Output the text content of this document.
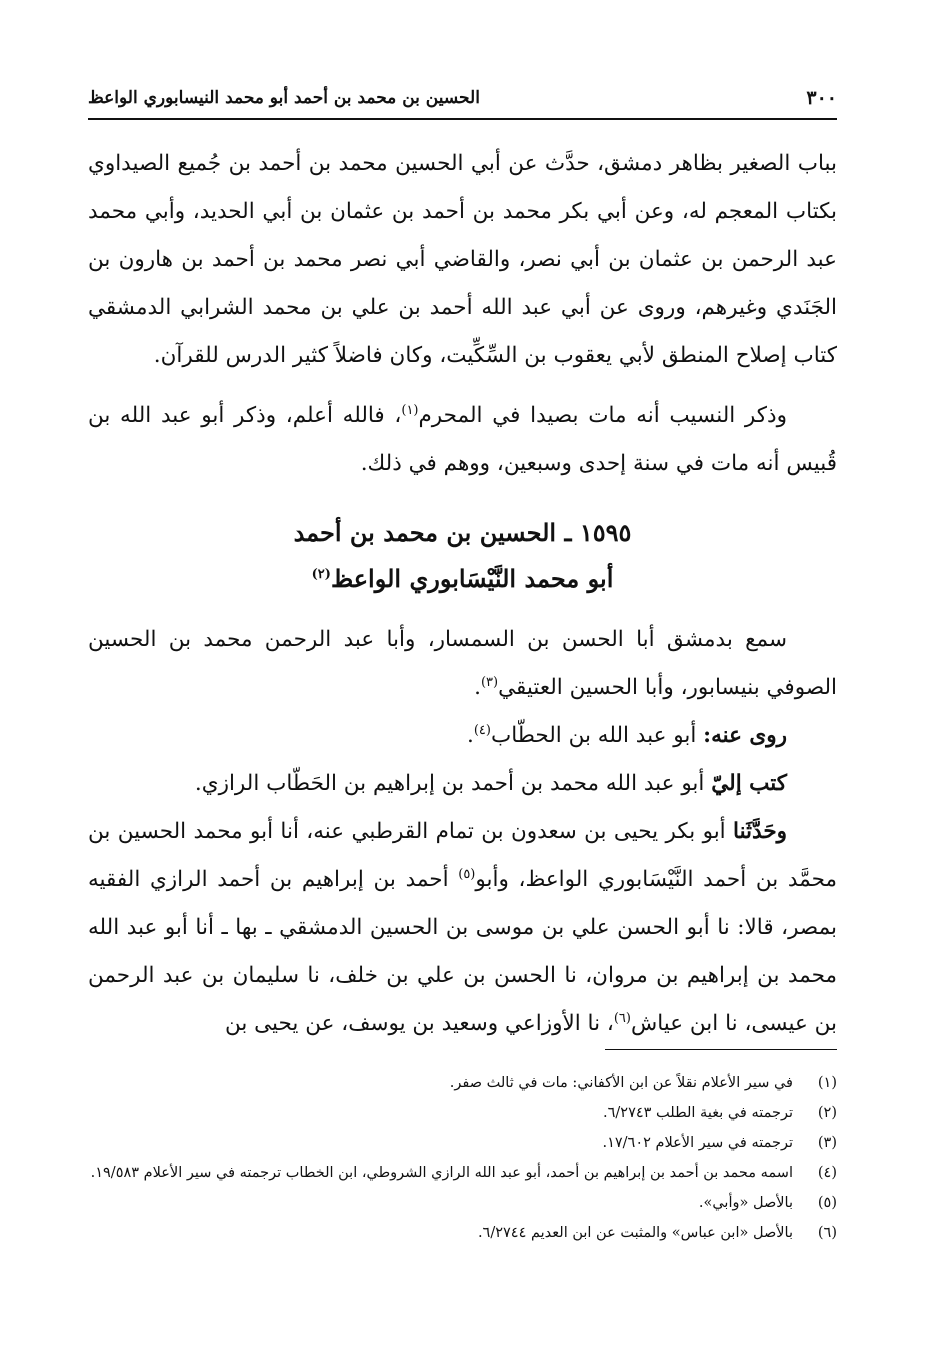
٣٠٠
الحسين بن محمد بن أحمد أبو محمد النيسابوري الواعظ

بباب الصغير بظاهر دمشق، حدَّث عن أبي الحسين محمد بن أحمد بن جُميع الصيداوي بكتاب المعجم له، وعن أبي بكر محمد بن أحمد بن عثمان بن أبي الحديد، وأبي محمد عبد الرحمن بن عثمان بن أبي نصر، والقاضي أبي نصر محمد بن أحمد بن هارون بن الجَنَدي وغيرهم، وروى عن أبي عبد الله أحمد بن علي بن محمد الشرابي الدمشقي كتاب إصلاح المنطق لأبي يعقوب بن السِّكِّيت، وكان فاضلاً كثير الدرس للقرآن.

وذكر النسيب أنه مات بصيدا في المحرم$^{(١)}$، فالله أعلم، وذكر أبو عبد الله بن قُبيس أنه مات في سنة إحدى وسبعين، ووهم في ذلك.

١٥٩٥ ـ الحسين بن محمد بن أحمد
أبو محمد النَّيْسَابوري الواعظ$^{(٢)}$

سمع بدمشق أبا الحسن بن السمسار، وأبا عبد الرحمن محمد بن الحسين الصوفي بنيسابور، وأبا الحسين العتيقي$^{(٣)}$.

روى عنه: أبو عبد الله بن الحطّاب$^{(٤)}$.

كتب إليّ أبو عبد الله محمد بن أحمد بن إبراهيم بن الحَطّاب الرازي.

وحَدَّثَنا أبو بكر يحيى بن سعدون بن تمام القرطبي عنه، أنا أبو محمد الحسين بن محمَّد بن أحمد النَّيْسَابوري الواعظ، وأبو$^{(٥)}$ أحمد بن إبراهيم بن أحمد الرازي الفقيه بمصر، قالا: نا أبو الحسن علي بن موسى بن الحسين الدمشقي ـ بها ـ أنا أبو عبد الله محمد بن إبراهيم بن مروان، نا الحسن بن علي بن خلف، نا سليمان بن عبد الرحمن بن عيسى، نا ابن عياش$^{(٦)}$، نا الأوزاعي وسعيد بن يوسف، عن يحيى بن

(١)
في سير الأعلام نقلاً عن ابن الأكفاني: مات في ثالث صفر.
(٢)
ترجمته في بغية الطلب ٦/٢٧٤٣.
(٣)
ترجمته في سير الأعلام ١٧/٦٠٢.
(٤)
اسمه محمد بن أحمد بن إبراهيم بن أحمد، أبو عبد الله الرازي الشروطي، ابن الخطاب ترجمته في سير الأعلام ١٩/٥٨٣.
(٥)
بالأصل «وأبي».
(٦)
بالأصل «ابن عباس» والمثبت عن ابن العديم ٦/٢٧٤٤.
